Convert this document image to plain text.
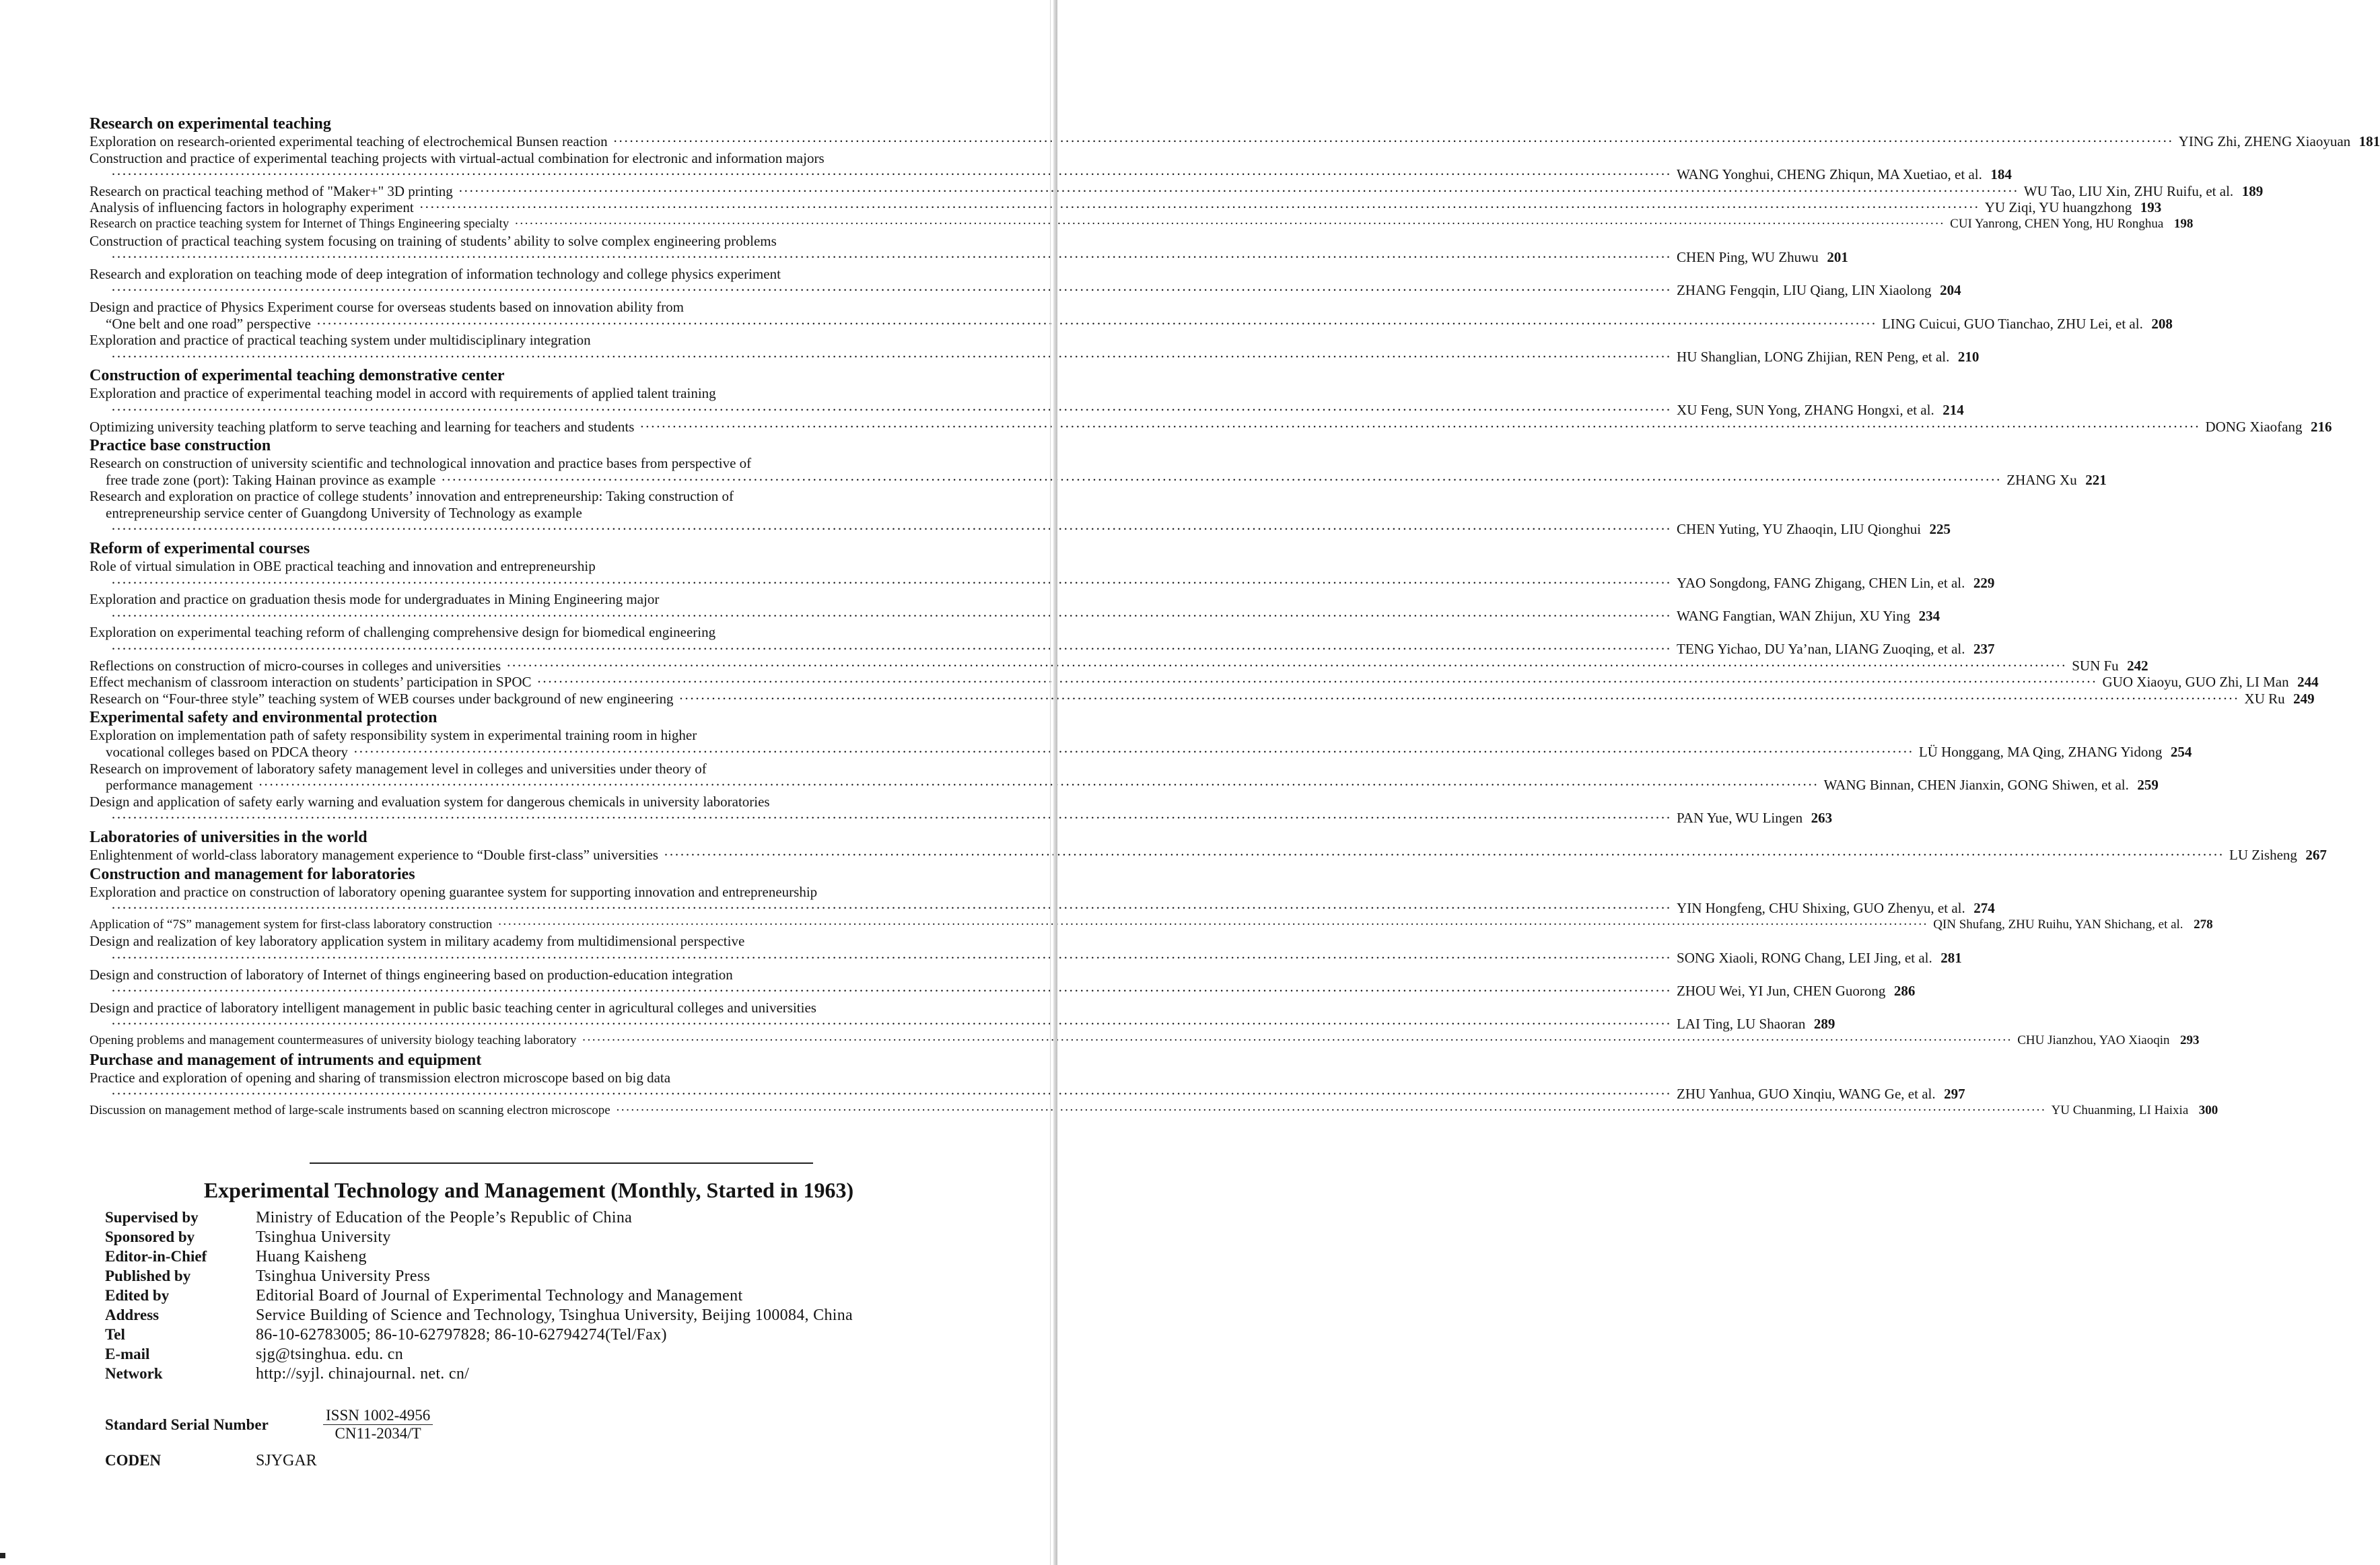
Research on experimental teaching
Exploration on research-oriented experimental teaching of electrochemical Bunsen reaction ·····	YING Zhi, ZHENG Xiaoyuan 181
Construction and practice of experimental teaching projects with virtual-actual combination for electronic and information majors
·····
WANG Yonghui, CHENG Zhiqun, MA Xuetiao, et al. 184
Research on practical teaching method of "Maker+" 3D printing ·····	WU Tao, LIU Xin, ZHU Ruifu, et al. 189
Analysis of influencing factors in holography experiment ·····	YU Ziqi, YU huangzhong 193
Research on practice teaching system for Internet of Things Engineering specialty ·····	CUI Yanrong, CHEN Yong, HU Ronghua 198
Construction of practical teaching system focusing on training of students’ ability to solve complex engineering problems
·····
CHEN Ping, WU Zhuwu 201
Research and exploration on teaching mode of deep integration of information technology and college physics experiment
·····
ZHANG Fengqin, LIU Qiang, LIN Xiaolong 204
Design and practice of Physics Experiment course for overseas students based on innovation ability from
“One belt and one road” perspective ·····	LING Cuicui, GUO Tianchao, ZHU Lei, et al. 208
Exploration and practice of practical teaching system under multidisciplinary integration
·····
HU Shanglian, LONG Zhijian, REN Peng, et al. 210
Construction of experimental teaching demonstrative center
Exploration and practice of experimental teaching model in accord with requirements of applied talent training
·····
XU Feng, SUN Yong, ZHANG Hongxi, et al. 214
Optimizing university teaching platform to serve teaching and learning for teachers and students ·····	DONG Xiaofang 216
Practice base construction
Research on construction of university scientific and technological innovation and practice bases from perspective of
free trade zone (port): Taking Hainan province as example ·····	ZHANG Xu 221
Research and exploration on practice of college students’ innovation and entrepreneurship: Taking construction of
entrepreneurship service center of Guangdong University of Technology as example
·····
CHEN Yuting, YU Zhaoqin, LIU Qionghui 225
Reform of experimental courses
Role of virtual simulation in OBE practical teaching and innovation and entrepreneurship
·····
YAO Songdong, FANG Zhigang, CHEN Lin, et al. 229
Exploration and practice on graduation thesis mode for undergraduates in Mining Engineering major
·····
WANG Fangtian, WAN Zhijun, XU Ying 234
Exploration on experimental teaching reform of challenging comprehensive design for biomedical engineering
·····
TENG Yichao, DU Ya’nan, LIANG Zuoqing, et al. 237
Reflections on construction of micro-courses in colleges and universities ·····	SUN Fu 242
Effect mechanism of classroom interaction on students’ participation in SPOC ·····	GUO Xiaoyu, GUO Zhi, LI Man 244
Research on “Four-three style” teaching system of WEB courses under background of new engineering ·····	XU Ru 249
Experimental safety and environmental protection
Exploration on implementation path of safety responsibility system in experimental training room in higher
vocational colleges based on PDCA theory ·····	LÜ Honggang, MA Qing, ZHANG Yidong 254
Research on improvement of laboratory safety management level in colleges and universities under theory of
performance management ·····	WANG Binnan, CHEN Jianxin, GONG Shiwen, et al. 259
Design and application of safety early warning and evaluation system for dangerous chemicals in university laboratories
·····
PAN Yue, WU Lingen 263
Laboratories of universities in the world
Enlightenment of world-class laboratory management experience to “Double first-class” universities ·····	LU Zisheng 267
Construction and management for laboratories
Exploration and practice on construction of laboratory opening guarantee system for supporting innovation and entrepreneurship
·····
YIN Hongfeng, CHU Shixing, GUO Zhenyu, et al. 274
Application of “7S” management system for first-class laboratory construction ·····	QIN Shufang, ZHU Ruihu, YAN Shichang, et al. 278
Design and realization of key laboratory application system in military academy from multidimensional perspective
·····
SONG Xiaoli, RONG Chang, LEI Jing, et al. 281
Design and construction of laboratory of Internet of things engineering based on production-education integration
·····
ZHOU Wei, YI Jun, CHEN Guorong 286
Design and practice of laboratory intelligent management in public basic teaching center in agricultural colleges and universities
·····
LAI Ting, LU Shaoran 289
Opening problems and management countermeasures of university biology teaching laboratory ·····	CHU Jianzhou, YAO Xiaoqin 293
Purchase and management of intruments and equipment
Practice and exploration of opening and sharing of transmission electron microscope based on big data
·····
ZHU Yanhua, GUO Xinqiu, WANG Ge, et al. 297
Discussion on management method of large-scale instruments based on scanning electron microscope ·····	YU Chuanming, LI Haixia 300
Experimental Technology and Management (Monthly, Started in 1963)
Supervised by	Ministry of Education of the People’s Republic of China
Sponsored by	Tsinghua University
Editor-in-Chief	Huang Kaisheng
Published by	Tsinghua University Press
Edited by	Editorial Board of Journal of Experimental Technology and Management
Address	Service Building of Science and Technology, Tsinghua University, Beijing 100084, China
Tel	86-10-62783005; 86-10-62797828; 86-10-62794274(Tel/Fax)
E-mail	sjg@tsinghua. edu. cn
Network	http://syjl. chinajournal. net. cn/
Standard Serial Number	$\frac{\text{ISSN 1002-4956}}{CN11-2034/T}$
CODEN	SJYGAR
